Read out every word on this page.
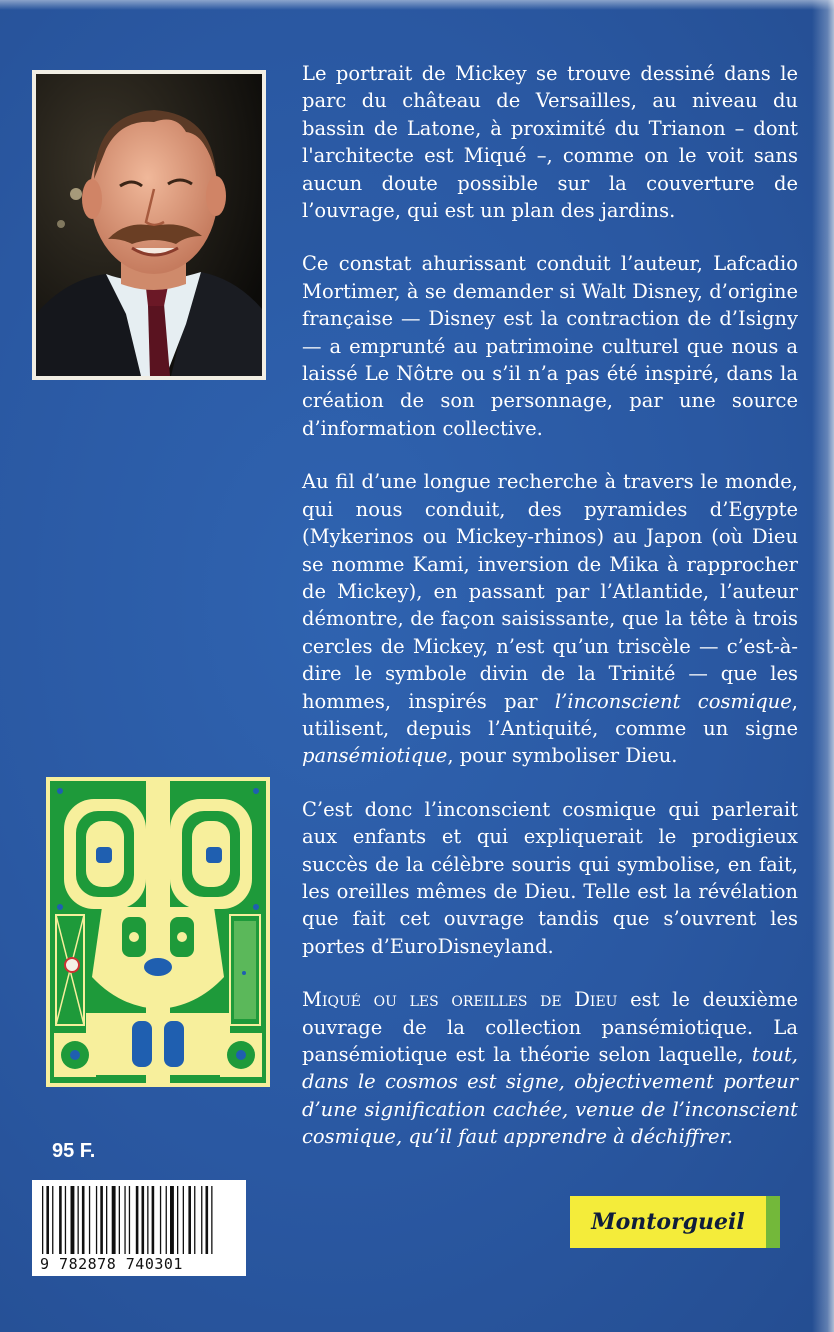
Le portrait de Mickey se trouve dessiné dans le parc du château de Versailles, au niveau du bassin de Latone, à proximité du Trianon – dont l'architecte est Miqué –, comme on le voit sans aucun doute possible sur la couverture de l’ouvrage, qui est un plan des jardins.

Ce constat ahurissant conduit l’auteur, Lafcadio Mortimer, à se demander si Walt Disney, d’origine française — Disney est la contraction de d’Isigny — a emprunté au patrimoine culturel que nous a laissé Le Nôtre ou s’il n’a pas été inspiré, dans la création de son personnage, par une source d’information collective.

Au fil d’une longue recherche à travers le monde, qui nous conduit, des pyramides d’Egypte (Mykerinos ou Mickey-rhinos) au Japon (où Dieu se nomme Kami, inversion de Mika à rapprocher de Mickey), en passant par l’Atlantide, l’auteur démontre, de façon saisissante, que la tête à trois cercles de Mickey, n’est qu’un triscèle — c’est-à-dire le symbole divin de la Trinité — que les hommes, inspirés par l’inconscient cosmique, utilisent, depuis l’Antiquité, comme un signe pansémiotique, pour symboliser Dieu.

C’est donc l’inconscient cosmique qui parlerait aux enfants et qui expliquerait le prodigieux succès de la célèbre souris qui symbolise, en fait, les oreilles mêmes de Dieu. Telle est la révélation que fait cet ouvrage tandis que s’ouvrent les portes d’EuroDisneyland.

Miqué ou les oreilles de Dieu est le deuxième ouvrage de la collection pansémiotique. La pansémiotique est la théorie selon laquelle, tout, dans le cosmos est signe, objectivement porteur d’une signification cachée, venue de l’inconscient cosmique, qu’il faut apprendre à déchiffrer.

95 F.
9 782878 740301
Montorgueil
